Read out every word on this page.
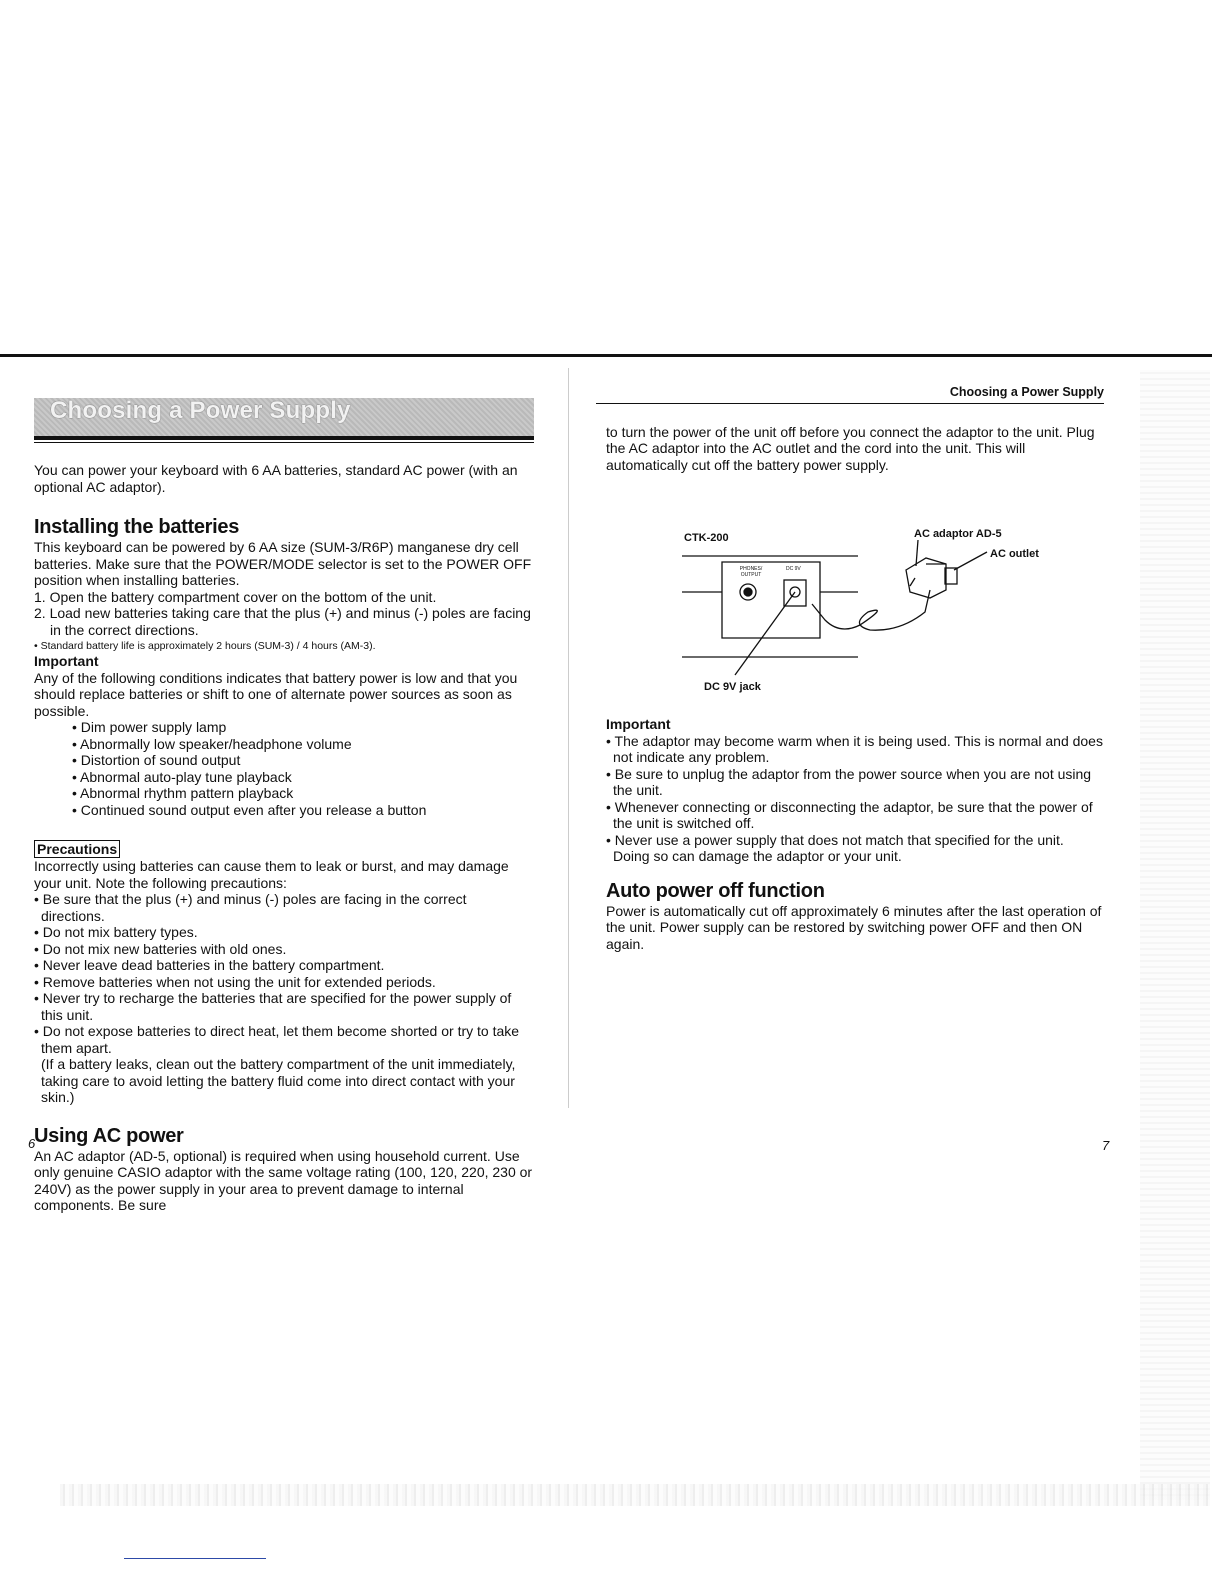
Choosing a Power Supply

You can power your keyboard with 6 AA batteries, standard AC power (with an optional AC adaptor).

Installing the batteries

This keyboard can be powered by 6 AA size (SUM-3/R6P) manganese dry cell batteries. Make sure that the POWER/MODE selector is set to the POWER OFF position when installing batteries.

1. Open the battery compartment cover on the bottom of the unit.

2. Load new batteries taking care that the plus (+) and minus (-) poles are facing in the correct directions.

• Standard battery life is approximately 2 hours (SUM-3) / 4 hours (AM-3).

Important

Any of the following conditions indicates that battery power is low and that you should replace batteries or shift to one of alternate power sources as soon as possible.

• Dim power supply lamp

• Abnormally low speaker/headphone volume

• Distortion of sound output

• Abnormal auto-play tune playback

• Abnormal rhythm pattern playback

• Continued sound output even after you release a button

Precautions

Incorrectly using batteries can cause them to leak or burst, and may damage your unit. Note the following precautions:

• Be sure that the plus (+) and minus (-) poles are facing in the correct directions.

• Do not mix battery types.

• Do not mix new batteries with old ones.

• Never leave dead batteries in the battery compartment.

• Remove batteries when not using the unit for extended periods.

• Never try to recharge the batteries that are specified for the power supply of this unit.

• Do not expose batteries to direct heat, let them become shorted or try to take them apart.

(If a battery leaks, clean out the battery compartment of the unit immediately, taking care to avoid letting the battery fluid come into direct contact with your skin.)

Using AC power

An AC adaptor (AD-5, optional) is required when using household current. Use only genuine CASIO adaptor with the same voltage rating (100, 120, 220, 230 or 240V) as the power supply in your area to prevent damage to internal components. Be sure

6
Choosing a Power Supply

to turn the power of the unit off before you connect the adaptor to the unit. Plug the AC adaptor into the AC outlet and the cord into the unit. This will automatically cut off the battery power supply.

CTK-200	AC adaptor AD-5
AC outlet
DC 9V jack
PHONES/ OUTPUT
DC 9V

Important

• The adaptor may become warm when it is being used. This is normal and does not indicate any problem.

• Be sure to unplug the adaptor from the power source when you are not using the unit.

• Whenever connecting or disconnecting the adaptor, be sure that the power of the unit is switched off.

• Never use a power supply that does not match that specified for the unit. Doing so can damage the adaptor or your unit.

Auto power off function

Power is automatically cut off approximately 6 minutes after the last operation of the unit. Power supply can be restored by switching power OFF and then ON again.

7
